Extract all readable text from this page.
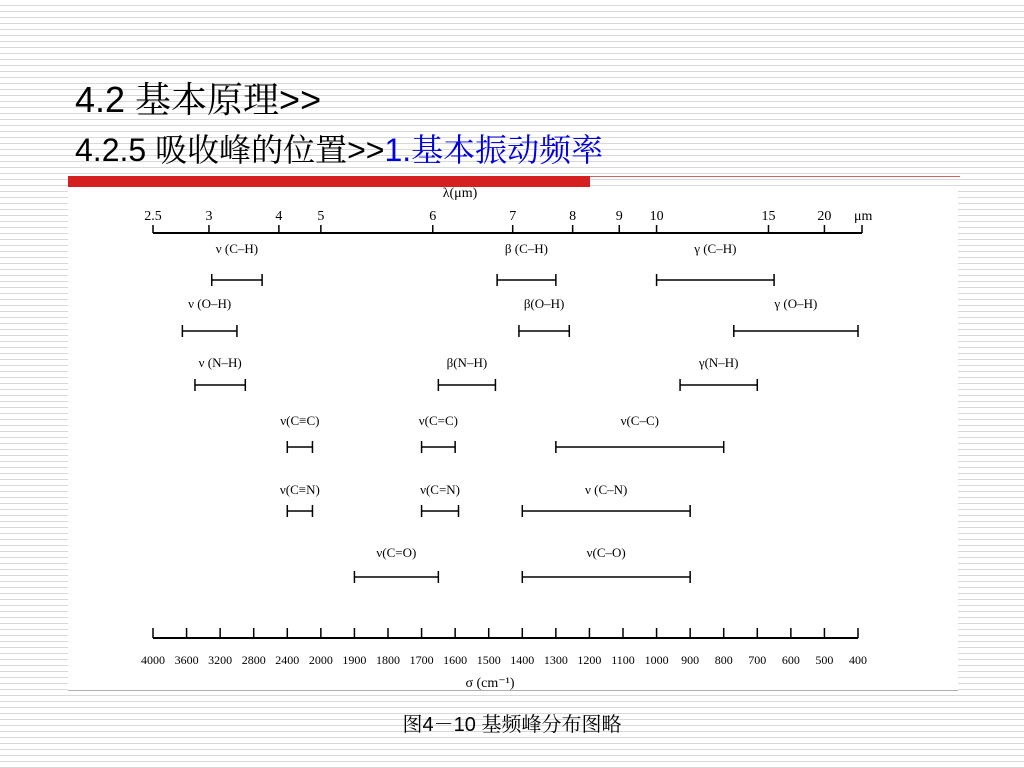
4.2 基本原理>>
4.2.5 吸收峰的位置>>1.基本振动频率
2.5	3	4 5	6	7	8	9 10	15	20 μm
λ(μm)
ν (C–H)	β (C–H)	γ (C–H)
ν (O–H)	β(O–H)	γ (O–H)
ν (N–H)	β(N–H)	γ(N–H)
ν(C≡C)	ν(C=C)	ν(C–C)
ν(C≡N)	ν(C=N)	ν (C–N)
ν(C=O)	ν(C–O)
4000 3600 3200 2800 2400 2000 1900 1800 1700 1600 1500 1400 1300 1200 1100 1000 900 800 700 600 500 400
σ (cm⁻¹)
图4－10 基频峰分布图略
